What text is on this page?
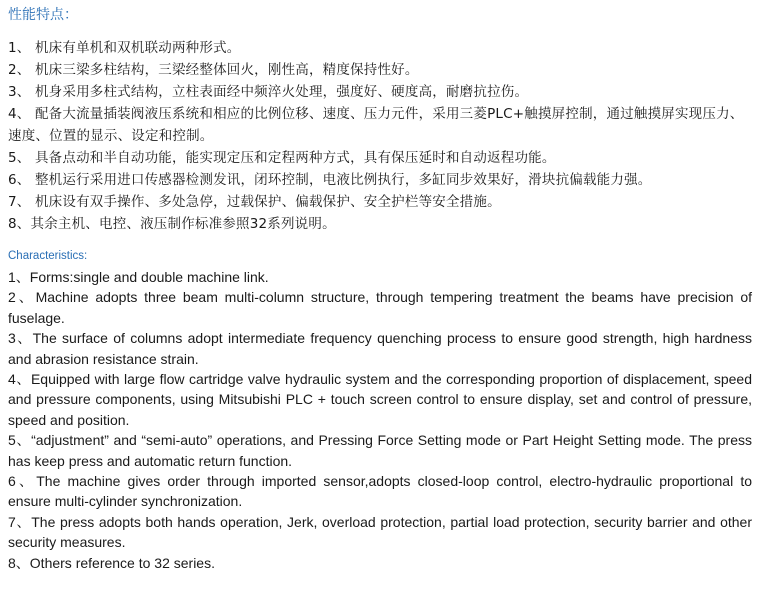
性能特点：
1、 机床有单机和双机联动两种形式。
2、 机床三梁多柱结构，三梁经整体回火，刚性高，精度保持性好。
3、 机身采用多柱式结构，立柱表面经中频淬火处理，强度好、硬度高，耐磨抗拉伤。
4、 配备大流量插装阀液压系统和相应的比例位移、速度、压力元件，采用三菱PLC+触摸屏控制，通过触摸屏实现压力、速度、位置的显示、设定和控制。
5、 具备点动和半自动功能，能实现定压和定程两种方式，具有保压延时和自动返程功能。
6、 整机运行采用进口传感器检测发讯，闭环控制，电液比例执行，多缸同步效果好，滑块抗偏载能力强。
7、 机床设有双手操作、多处急停，过载保护、偏载保护、安全护栏等安全措施。
8、其余主机、电控、液压制作标准参照32系列说明。
Characteristics:
1、Forms:single and double machine link.
2、Machine adopts three beam multi-column structure, through tempering treatment the beams have precision of fuselage.
3、The surface of columns adopt intermediate frequency quenching process to ensure good strength, high hardness and abrasion resistance strain.
4、Equipped with large flow cartridge valve hydraulic system and the corresponding proportion of displacement, speed and pressure components, using Mitsubishi PLC + touch screen control to ensure display, set and control of pressure, speed and position.
5、“adjustment” and “semi-auto” operations, and Pressing Force Setting mode or Part Height Setting mode. The press has keep press and automatic return function.
6、The machine gives order through imported sensor,adopts closed-loop control, electro-hydraulic proportional to ensure multi-cylinder synchronization.
7、The press adopts both hands operation, Jerk, overload protection, partial load protection, security barrier and other security measures.
8、Others reference to 32 series.
